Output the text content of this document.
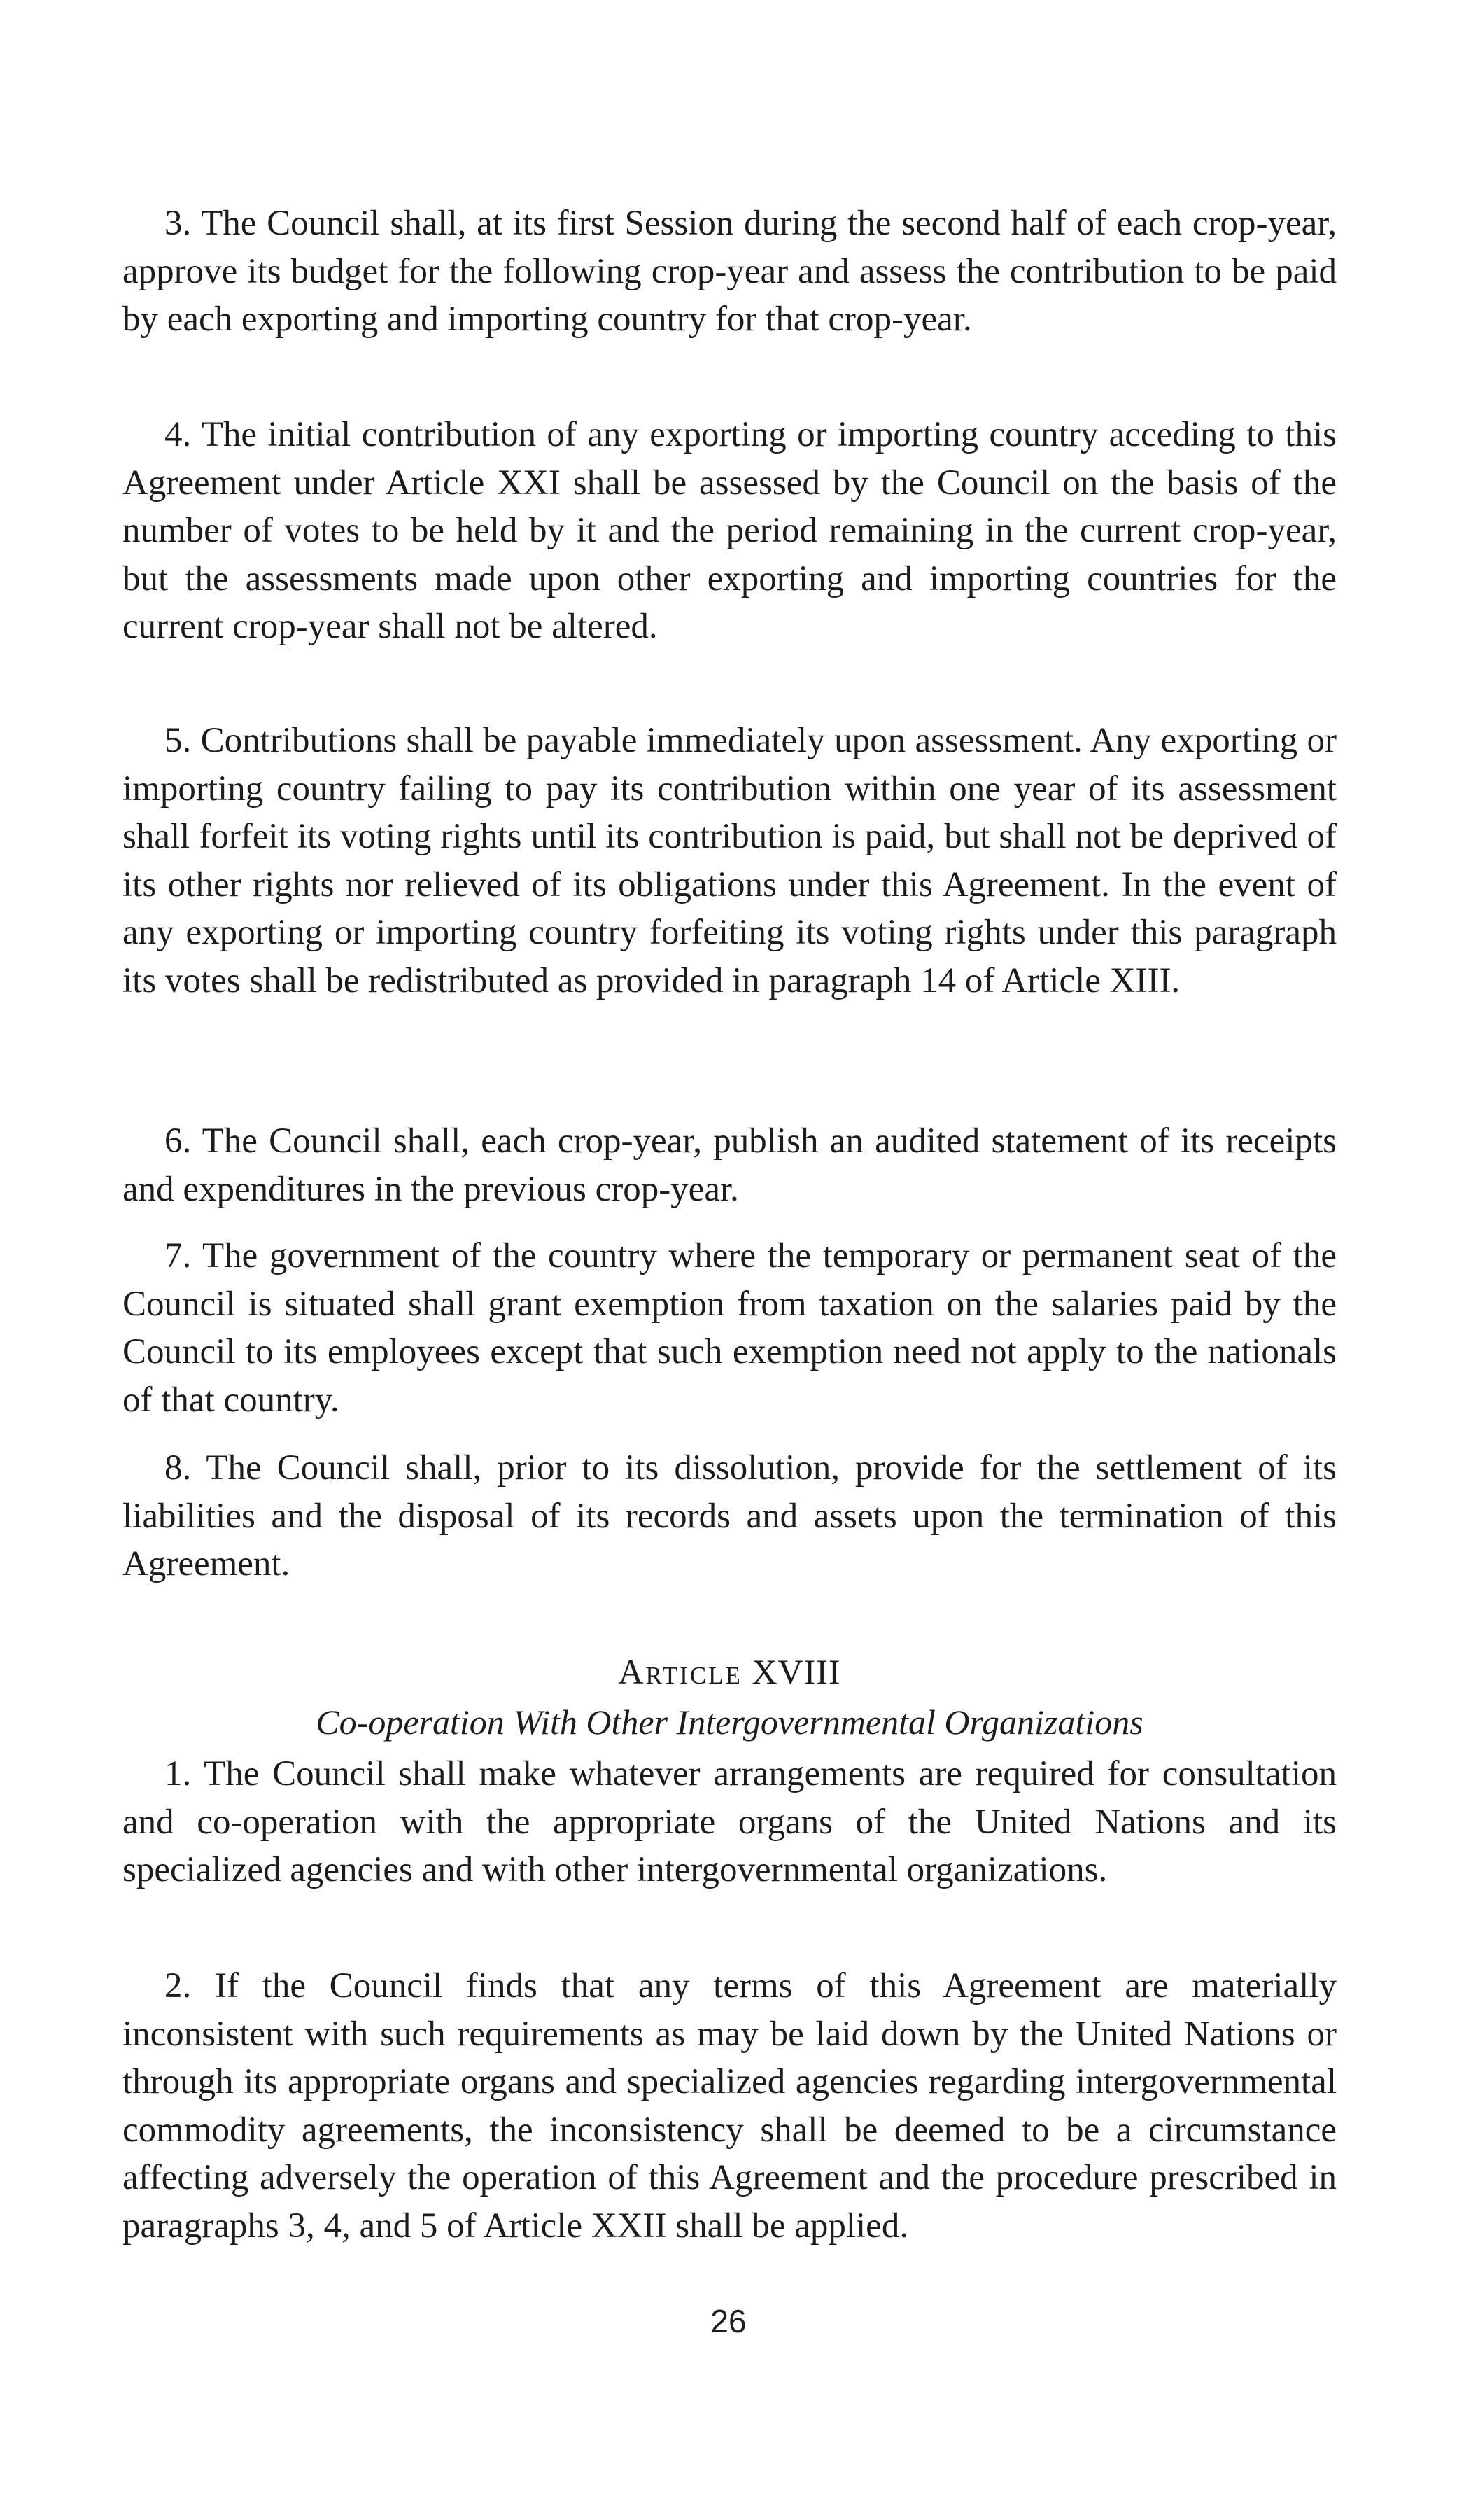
3. The Council shall, at its first Session during the second half of each crop-year, approve its budget for the following crop-year and assess the contribution to be paid by each exporting and importing country for that crop-year.

4. The initial contribution of any exporting or importing country acceding to this Agreement under Article XXI shall be assessed by the Council on the basis of the number of votes to be held by it and the period remaining in the current crop-year, but the assessments made upon other exporting and importing countries for the current crop-year shall not be altered.

5. Contributions shall be payable immediately upon assessment. Any exporting or importing country failing to pay its contribution within one year of its assessment shall forfeit its voting rights until its contribution is paid, but shall not be deprived of its other rights nor relieved of its obligations under this Agreement. In the event of any exporting or importing country forfeiting its voting rights under this paragraph its votes shall be redistributed as provided in paragraph 14 of Article XIII.

6. The Council shall, each crop-year, publish an audited statement of its receipts and expenditures in the previous crop-year.

7. The government of the country where the temporary or permanent seat of the Council is situated shall grant exemption from taxation on the salaries paid by the Council to its employees except that such exemption need not apply to the nationals of that country.

8. The Council shall, prior to its dissolution, provide for the settlement of its liabilities and the disposal of its records and assets upon the termination of this Agreement.

Article XVIII
Co-operation With Other Intergovernmental Organizations

1. The Council shall make whatever arrangements are required for consultation and co-operation with the appropriate organs of the United Nations and its specialized agencies and with other intergovernmental organizations.

2. If the Council finds that any terms of this Agreement are materially inconsistent with such requirements as may be laid down by the United Nations or through its appropriate organs and specialized agencies regarding intergovernmental commodity agreements, the inconsistency shall be deemed to be a circumstance affecting adversely the operation of this Agreement and the procedure prescribed in paragraphs 3, 4, and 5 of Article XXII shall be applied.

26
